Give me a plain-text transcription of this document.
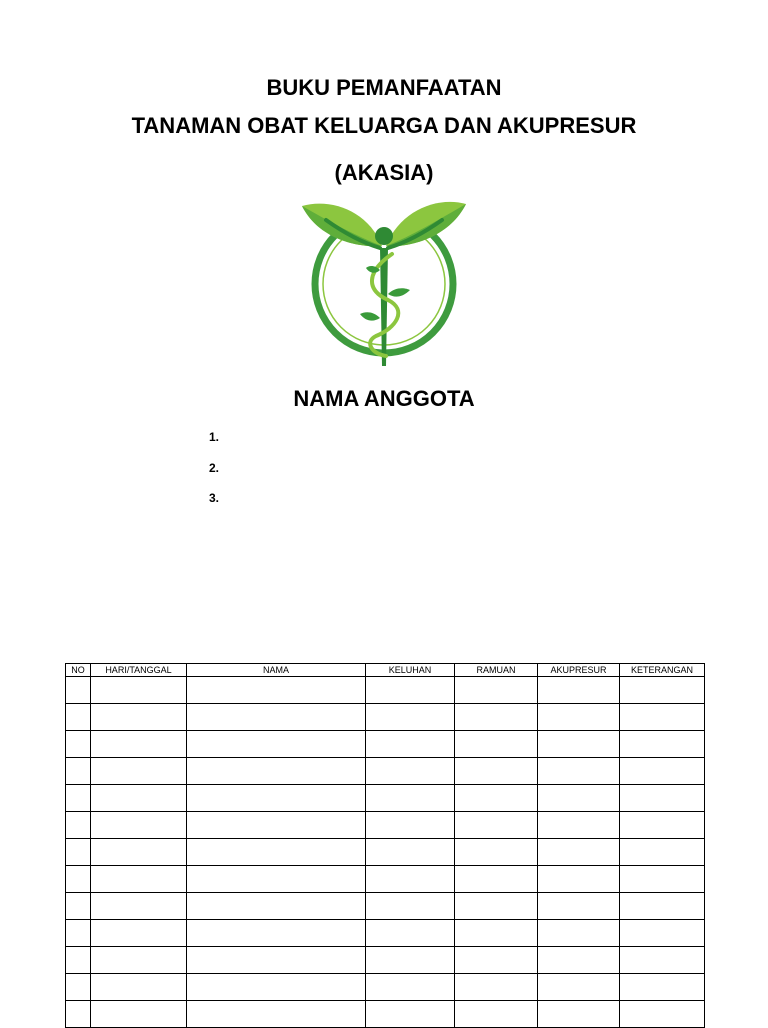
BUKU PEMANFAATAN
TANAMAN OBAT KELUARGA DAN AKUPRESUR
(AKASIA)
NAMA ANGGOTA
1.
2.
3.
NO	HARI/TANGGAL	NAMA	KELUHAN	RAMUAN	AKUPRESUR	KETERANGAN
